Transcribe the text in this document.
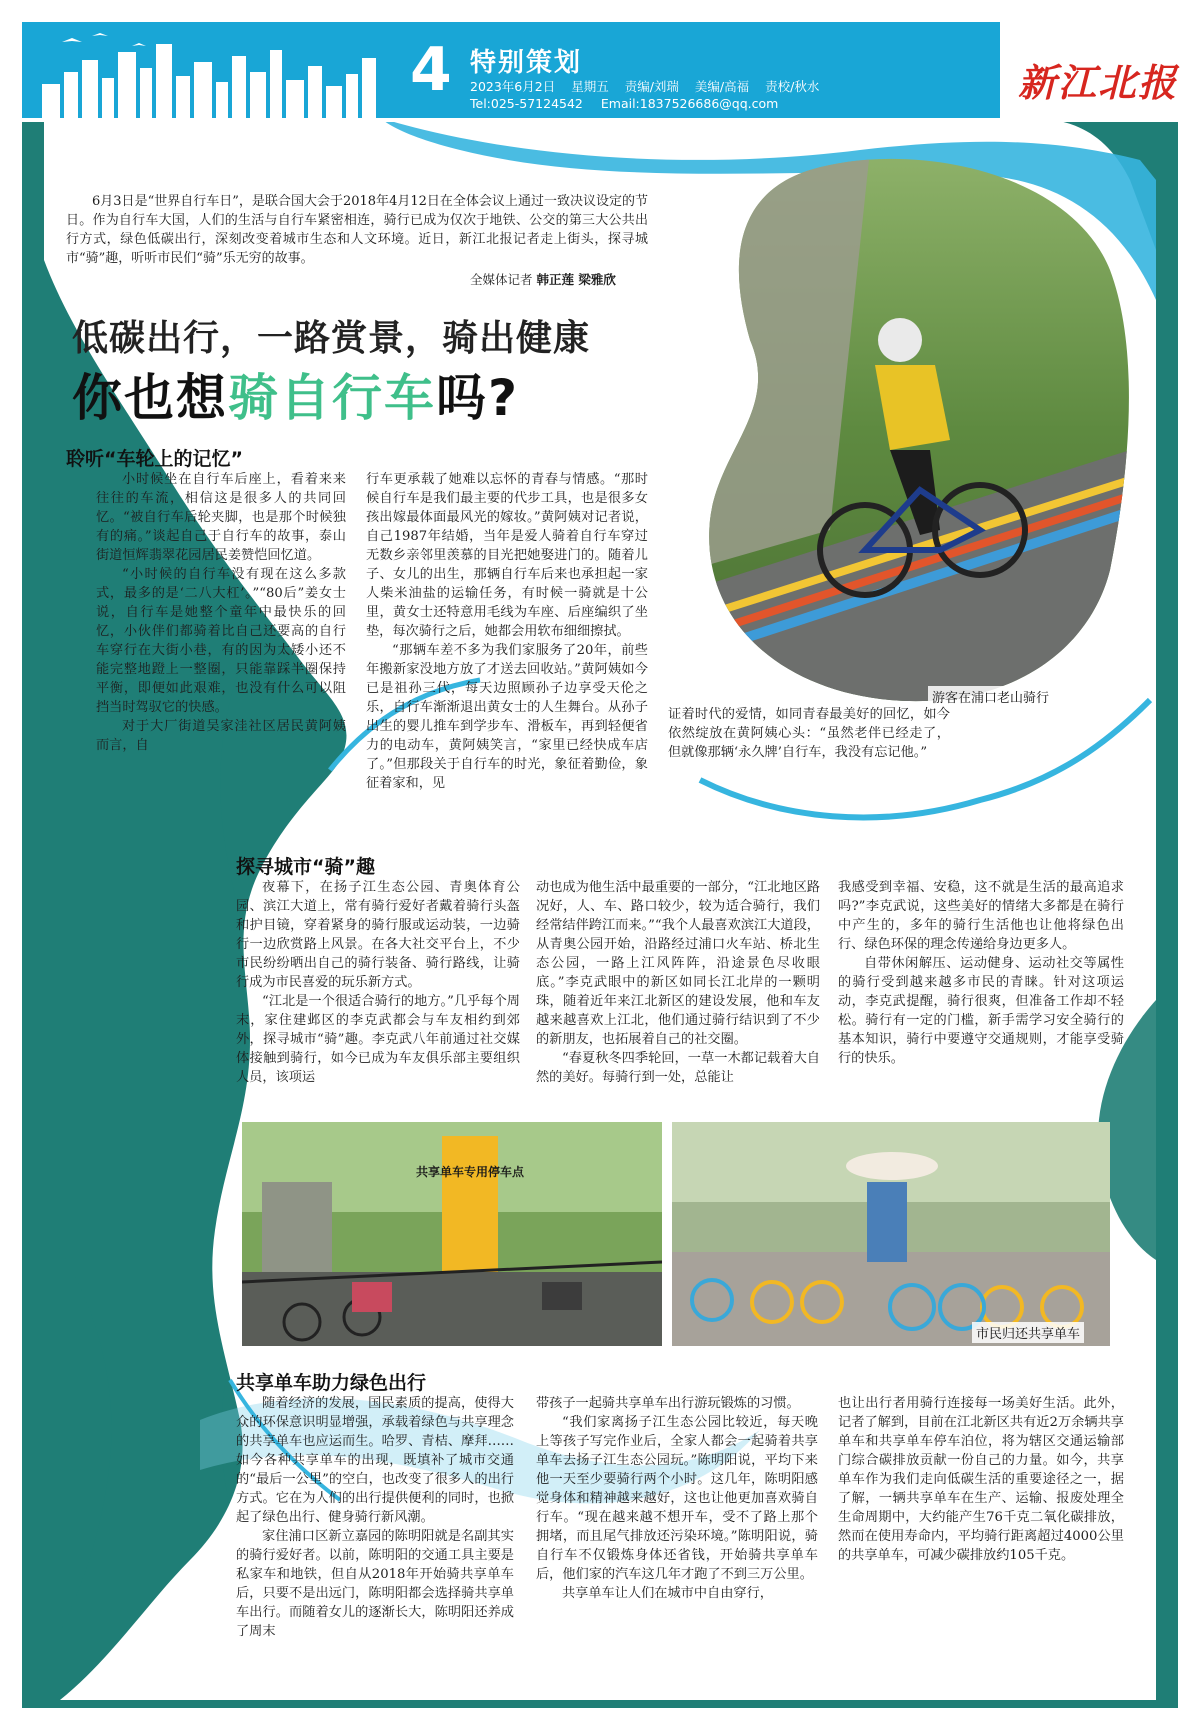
4 特别策划
2023年6月2日 星期五 责编/刘瑞 美编/高福 责校/秋水
Tel:025-57124542 Email:1837526686@qq.com	新江北报
6月3日是“世界自行车日”，是联合国大会于2018年4月12日在全体会议上通过一致决议设定的节日。作为自行车大国，人们的生活与自行车紧密相连，骑行已成为仅次于地铁、公交的第三大公共出行方式，绿色低碳出行，深刻改变着城市生态和人文环境。近日，新江北报记者走上街头，探寻城市“骑”趣，听听市民们“骑”乐无穷的故事。
全媒体记者 韩正莲 梁雅欣
低碳出行，一路赏景，骑出健康
你也想骑自行车吗?
游客在浦口老山骑行
聆听“车轮上的记忆”

小时候坐在自行车后座上，看着来来往往的车流，相信这是很多人的共同回忆。“被自行车后轮夹脚，也是那个时候独有的痛。”谈起自己于自行车的故事，泰山街道恒辉翡翠花园居民姜赞恺回忆道。

“小时候的自行车没有现在这么多款式，最多的是‘二八大杠’。”“80后”姜女士说，自行车是她整个童年中最快乐的回忆，小伙伴们都骑着比自己还要高的自行车穿行在大街小巷，有的因为太矮小还不能完整地蹬上一整圈，只能靠踩半圈保持平衡，即便如此艰难，也没有什么可以阻挡当时驾驭它的快感。

对于大厂街道吴家洼社区居民黄阿姨而言，自

行车更承载了她难以忘怀的青春与情感。“那时候自行车是我们最主要的代步工具，也是很多女孩出嫁最体面最风光的嫁妆。”黄阿姨对记者说，自己1987年结婚，当年是爱人骑着自行车穿过无数乡亲邻里羡慕的目光把她娶进门的。随着儿子、女儿的出生，那辆自行车后来也承担起一家人柴米油盐的运输任务，有时候一骑就是十公里，黄女士还特意用毛线为车座、后座编织了坐垫，每次骑行之后，她都会用软布细细擦拭。

“那辆车差不多为我们家服务了20年，前些年搬新家没地方放了才送去回收站。”黄阿姨如今已是祖孙三代，每天边照顾孙子边享受天伦之乐，自行车渐渐退出黄女士的人生舞台。从孙子出生的婴儿推车到学步车、滑板车，再到轻便省力的电动车，黄阿姨笑言，“家里已经快成车店了。”但那段关于自行车的时光，象征着勤俭，象征着家和，见

证着时代的爱情，如同青春最美好的回忆，如今依然绽放在黄阿姨心头：“虽然老伴已经走了，但就像那辆‘永久牌’自行车，我没有忘记他。”

探寻城市“骑”趣

夜幕下，在扬子江生态公园、青奥体育公园、滨江大道上，常有骑行爱好者戴着骑行头盔和护目镜，穿着紧身的骑行服或运动装，一边骑行一边欣赏路上风景。在各大社交平台上，不少市民纷纷晒出自己的骑行装备、骑行路线，让骑行成为市民喜爱的玩乐新方式。

“江北是一个很适合骑行的地方。”几乎每个周末，家住建邺区的李克武都会与车友相约到郊外，探寻城市“骑”趣。李克武八年前通过社交媒体接触到骑行，如今已成为车友俱乐部主要组织人员，该项运

动也成为他生活中最重要的一部分，“江北地区路况好，人、车、路口较少，较为适合骑行，我们经常结伴跨江而来。”“我个人最喜欢滨江大道段，从青奥公园开始，沿路经过浦口火车站、桥北生态公园，一路上江风阵阵，沿途景色尽收眼底。”李克武眼中的新区如同长江北岸的一颗明珠，随着近年来江北新区的建设发展，他和车友越来越喜欢上江北，他们通过骑行结识到了不少的新朋友，也拓展着自己的社交圈。

“春夏秋冬四季轮回，一草一木都记载着大自然的美好。每骑行到一处，总能让

我感受到幸福、安稳，这不就是生活的最高追求吗?”李克武说，这些美好的情绪大多都是在骑行中产生的，多年的骑行生活他也让他将绿色出行、绿色环保的理念传递给身边更多人。

自带休闲解压、运动健身、运动社交等属性的骑行受到越来越多市民的青睐。针对这项运动，李克武提醒，骑行很爽，但准备工作却不轻松。骑行有一定的门槛，新手需学习安全骑行的基本知识，骑行中要遵守交通规则，才能享受骑行的快乐。

共享单车专用停车点
市民归还共享单车
共享单车助力绿色出行

随着经济的发展，国民素质的提高，使得大众的环保意识明显增强，承载着绿色与共享理念的共享单车也应运而生。哈罗、青桔、摩拜……如今各种共享单车的出现，既填补了城市交通的“最后一公里”的空白，也改变了很多人的出行方式。它在为人们的出行提供便利的同时，也掀起了绿色出行、健身骑行新风潮。

家住浦口区新立嘉园的陈明阳就是名副其实的骑行爱好者。以前，陈明阳的交通工具主要是私家车和地铁，但自从2018年开始骑共享单车后，只要不是出远门，陈明阳都会选择骑共享单车出行。而随着女儿的逐渐长大，陈明阳还养成了周末

带孩子一起骑共享单车出行游玩锻炼的习惯。

“我们家离扬子江生态公园比较近，每天晚上等孩子写完作业后，全家人都会一起骑着共享单车去扬子江生态公园玩。”陈明阳说，平均下来他一天至少要骑行两个小时。这几年，陈明阳感觉身体和精神越来越好，这也让他更加喜欢骑自行车。“现在越来越不想开车，受不了路上那个拥堵，而且尾气排放还污染环境。”陈明阳说，骑自行车不仅锻炼身体还省钱，开始骑共享单车后，他们家的汽车这几年才跑了不到三万公里。

共享单车让人们在城市中自由穿行，

也让出行者用骑行连接每一场美好生活。此外，记者了解到，目前在江北新区共有近2万余辆共享单车和共享单车停车泊位，将为辖区交通运输部门综合碳排放贡献一份自己的力量。如今，共享单车作为我们走向低碳生活的重要途径之一，据了解，一辆共享单车在生产、运输、报废处理全生命周期中，大约能产生76千克二氧化碳排放，然而在使用寿命内，平均骑行距离超过4000公里的共享单车，可减少碳排放约105千克。
